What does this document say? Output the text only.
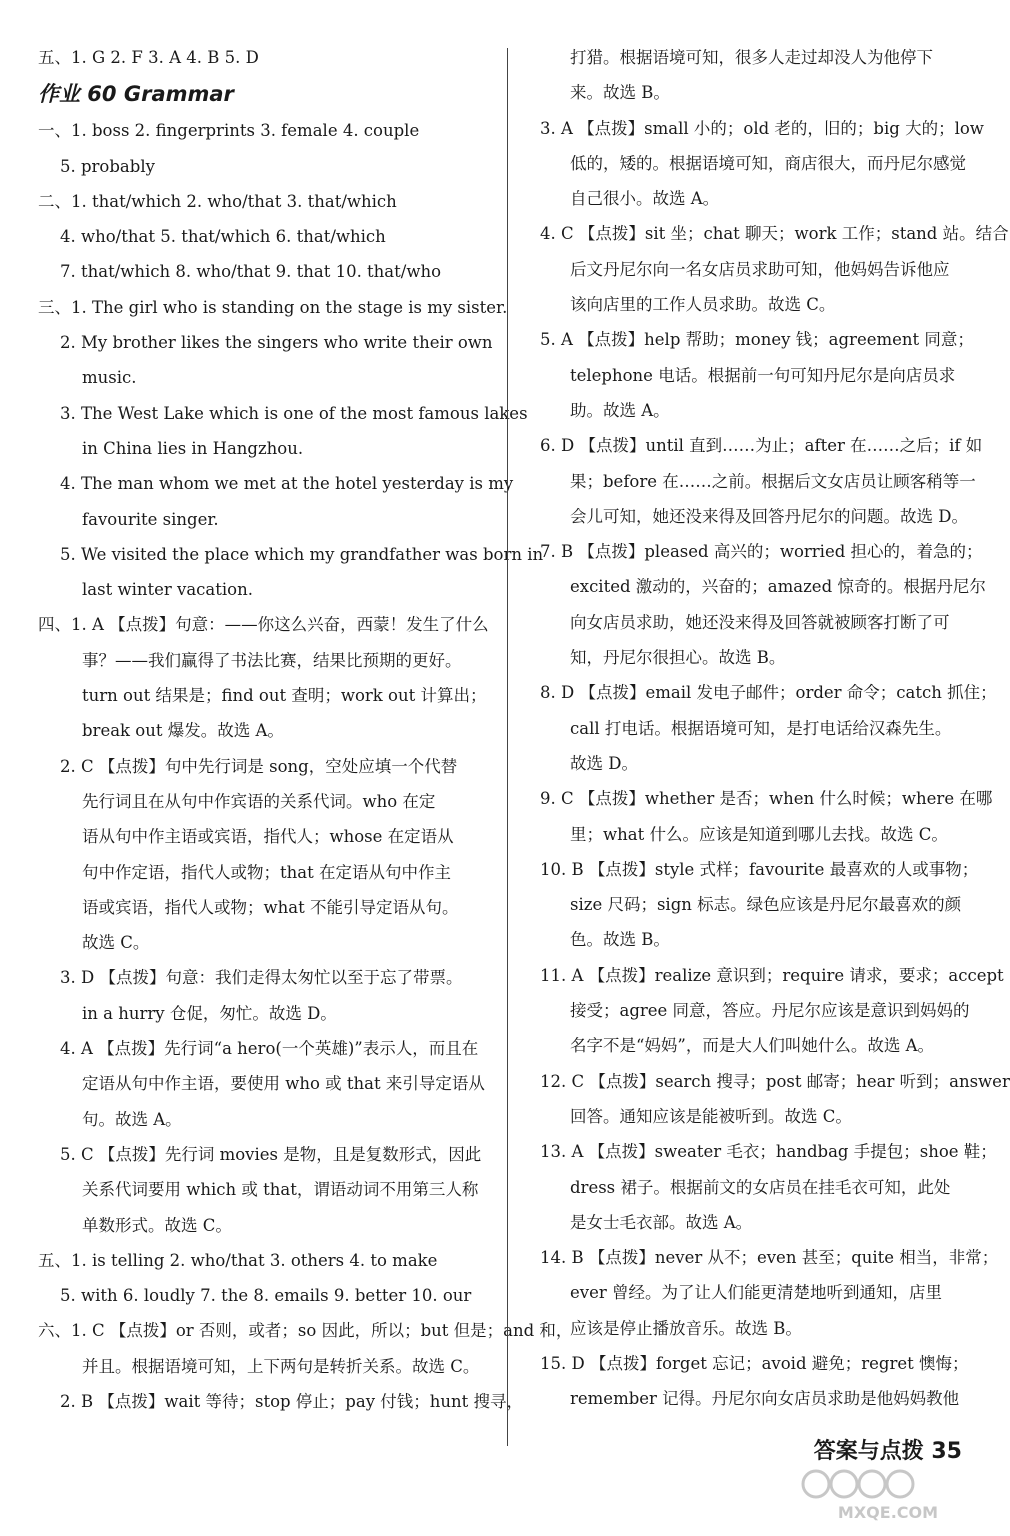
五、1. G 2. F 3. A 4. B 5. D
作业 60 Grammar
一、1. boss 2. fingerprints 3. female 4. couple
5. probably
二、1. that/which 2. who/that 3. that/which
4. who/that 5. that/which 6. that/which
7. that/which 8. who/that 9. that 10. that/who
三、1. The girl who is standing on the stage is my sister.
2. My brother likes the singers who write their own
music.
3. The West Lake which is one of the most famous lakes
in China lies in Hangzhou.
4. The man whom we met at the hotel yesterday is my
favourite singer.
5. We visited the place which my grandfather was born in
last winter vacation.
四、1. A 【点拨】句意：——你这么兴奋，西蒙！发生了什么
事？——我们赢得了书法比赛，结果比预期的更好。
turn out 结果是；find out 查明；work out 计算出；
break out 爆发。故选 A。
2. C 【点拨】句中先行词是 song，空处应填一个代替
先行词且在从句中作宾语的关系代词。who 在定
语从句中作主语或宾语，指代人；whose 在定语从
句中作定语，指代人或物；that 在定语从句中作主
语或宾语，指代人或物；what 不能引导定语从句。
故选 C。
3. D 【点拨】句意：我们走得太匆忙以至于忘了带票。
in a hurry 仓促，匆忙。故选 D。
4. A 【点拨】先行词“a hero(一个英雄)”表示人，而且在
定语从句中作主语，要使用 who 或 that 来引导定语从
句。故选 A。
5. C 【点拨】先行词 movies 是物，且是复数形式，因此
关系代词要用 which 或 that，谓语动词不用第三人称
单数形式。故选 C。
五、1. is telling 2. who/that 3. others 4. to make
5. with 6. loudly 7. the 8. emails 9. better 10. our
六、1. C 【点拨】or 否则，或者；so 因此，所以；but 但是；and 和，
并且。根据语境可知，上下两句是转折关系。故选 C。
2. B 【点拨】wait 等待；stop 停止；pay 付钱；hunt 搜寻，
打猎。根据语境可知，很多人走过却没人为他停下
来。故选 B。
3. A 【点拨】small 小的；old 老的，旧的；big 大的；low
低的，矮的。根据语境可知，商店很大，而丹尼尔感觉
自己很小。故选 A。
4. C 【点拨】sit 坐；chat 聊天；work 工作；stand 站。结合
后文丹尼尔向一名女店员求助可知，他妈妈告诉他应
该向店里的工作人员求助。故选 C。
5. A 【点拨】help 帮助；money 钱；agreement 同意；
telephone 电话。根据前一句可知丹尼尔是向店员求
助。故选 A。
6. D 【点拨】until 直到……为止；after 在……之后；if 如
果；before 在……之前。根据后文女店员让顾客稍等一
会儿可知，她还没来得及回答丹尼尔的问题。故选 D。
7. B 【点拨】pleased 高兴的；worried 担心的，着急的；
excited 激动的，兴奋的；amazed 惊奇的。根据丹尼尔
向女店员求助，她还没来得及回答就被顾客打断了可
知，丹尼尔很担心。故选 B。
8. D 【点拨】email 发电子邮件；order 命令；catch 抓住；
call 打电话。根据语境可知，是打电话给汉森先生。
故选 D。
9. C 【点拨】whether 是否；when 什么时候；where 在哪
里；what 什么。应该是知道到哪儿去找。故选 C。
10. B 【点拨】style 式样；favourite 最喜欢的人或事物；
size 尺码；sign 标志。绿色应该是丹尼尔最喜欢的颜
色。故选 B。
11. A 【点拨】realize 意识到；require 请求，要求；accept
接受；agree 同意，答应。丹尼尔应该是意识到妈妈的
名字不是“妈妈”，而是大人们叫她什么。故选 A。
12. C 【点拨】search 搜寻；post 邮寄；hear 听到；answer
回答。通知应该是能被听到。故选 C。
13. A 【点拨】sweater 毛衣；handbag 手提包；shoe 鞋；
dress 裙子。根据前文的女店员在挂毛衣可知，此处
是女士毛衣部。故选 A。
14. B 【点拨】never 从不；even 甚至；quite 相当，非常；
ever 曾经。为了让人们能更清楚地听到通知，店里
应该是停止播放音乐。故选 B。
15. D 【点拨】forget 忘记；avoid 避免；regret 懊悔；
remember 记得。丹尼尔向女店员求助是他妈妈教他
答案与点拨 35
MXQE.COM
